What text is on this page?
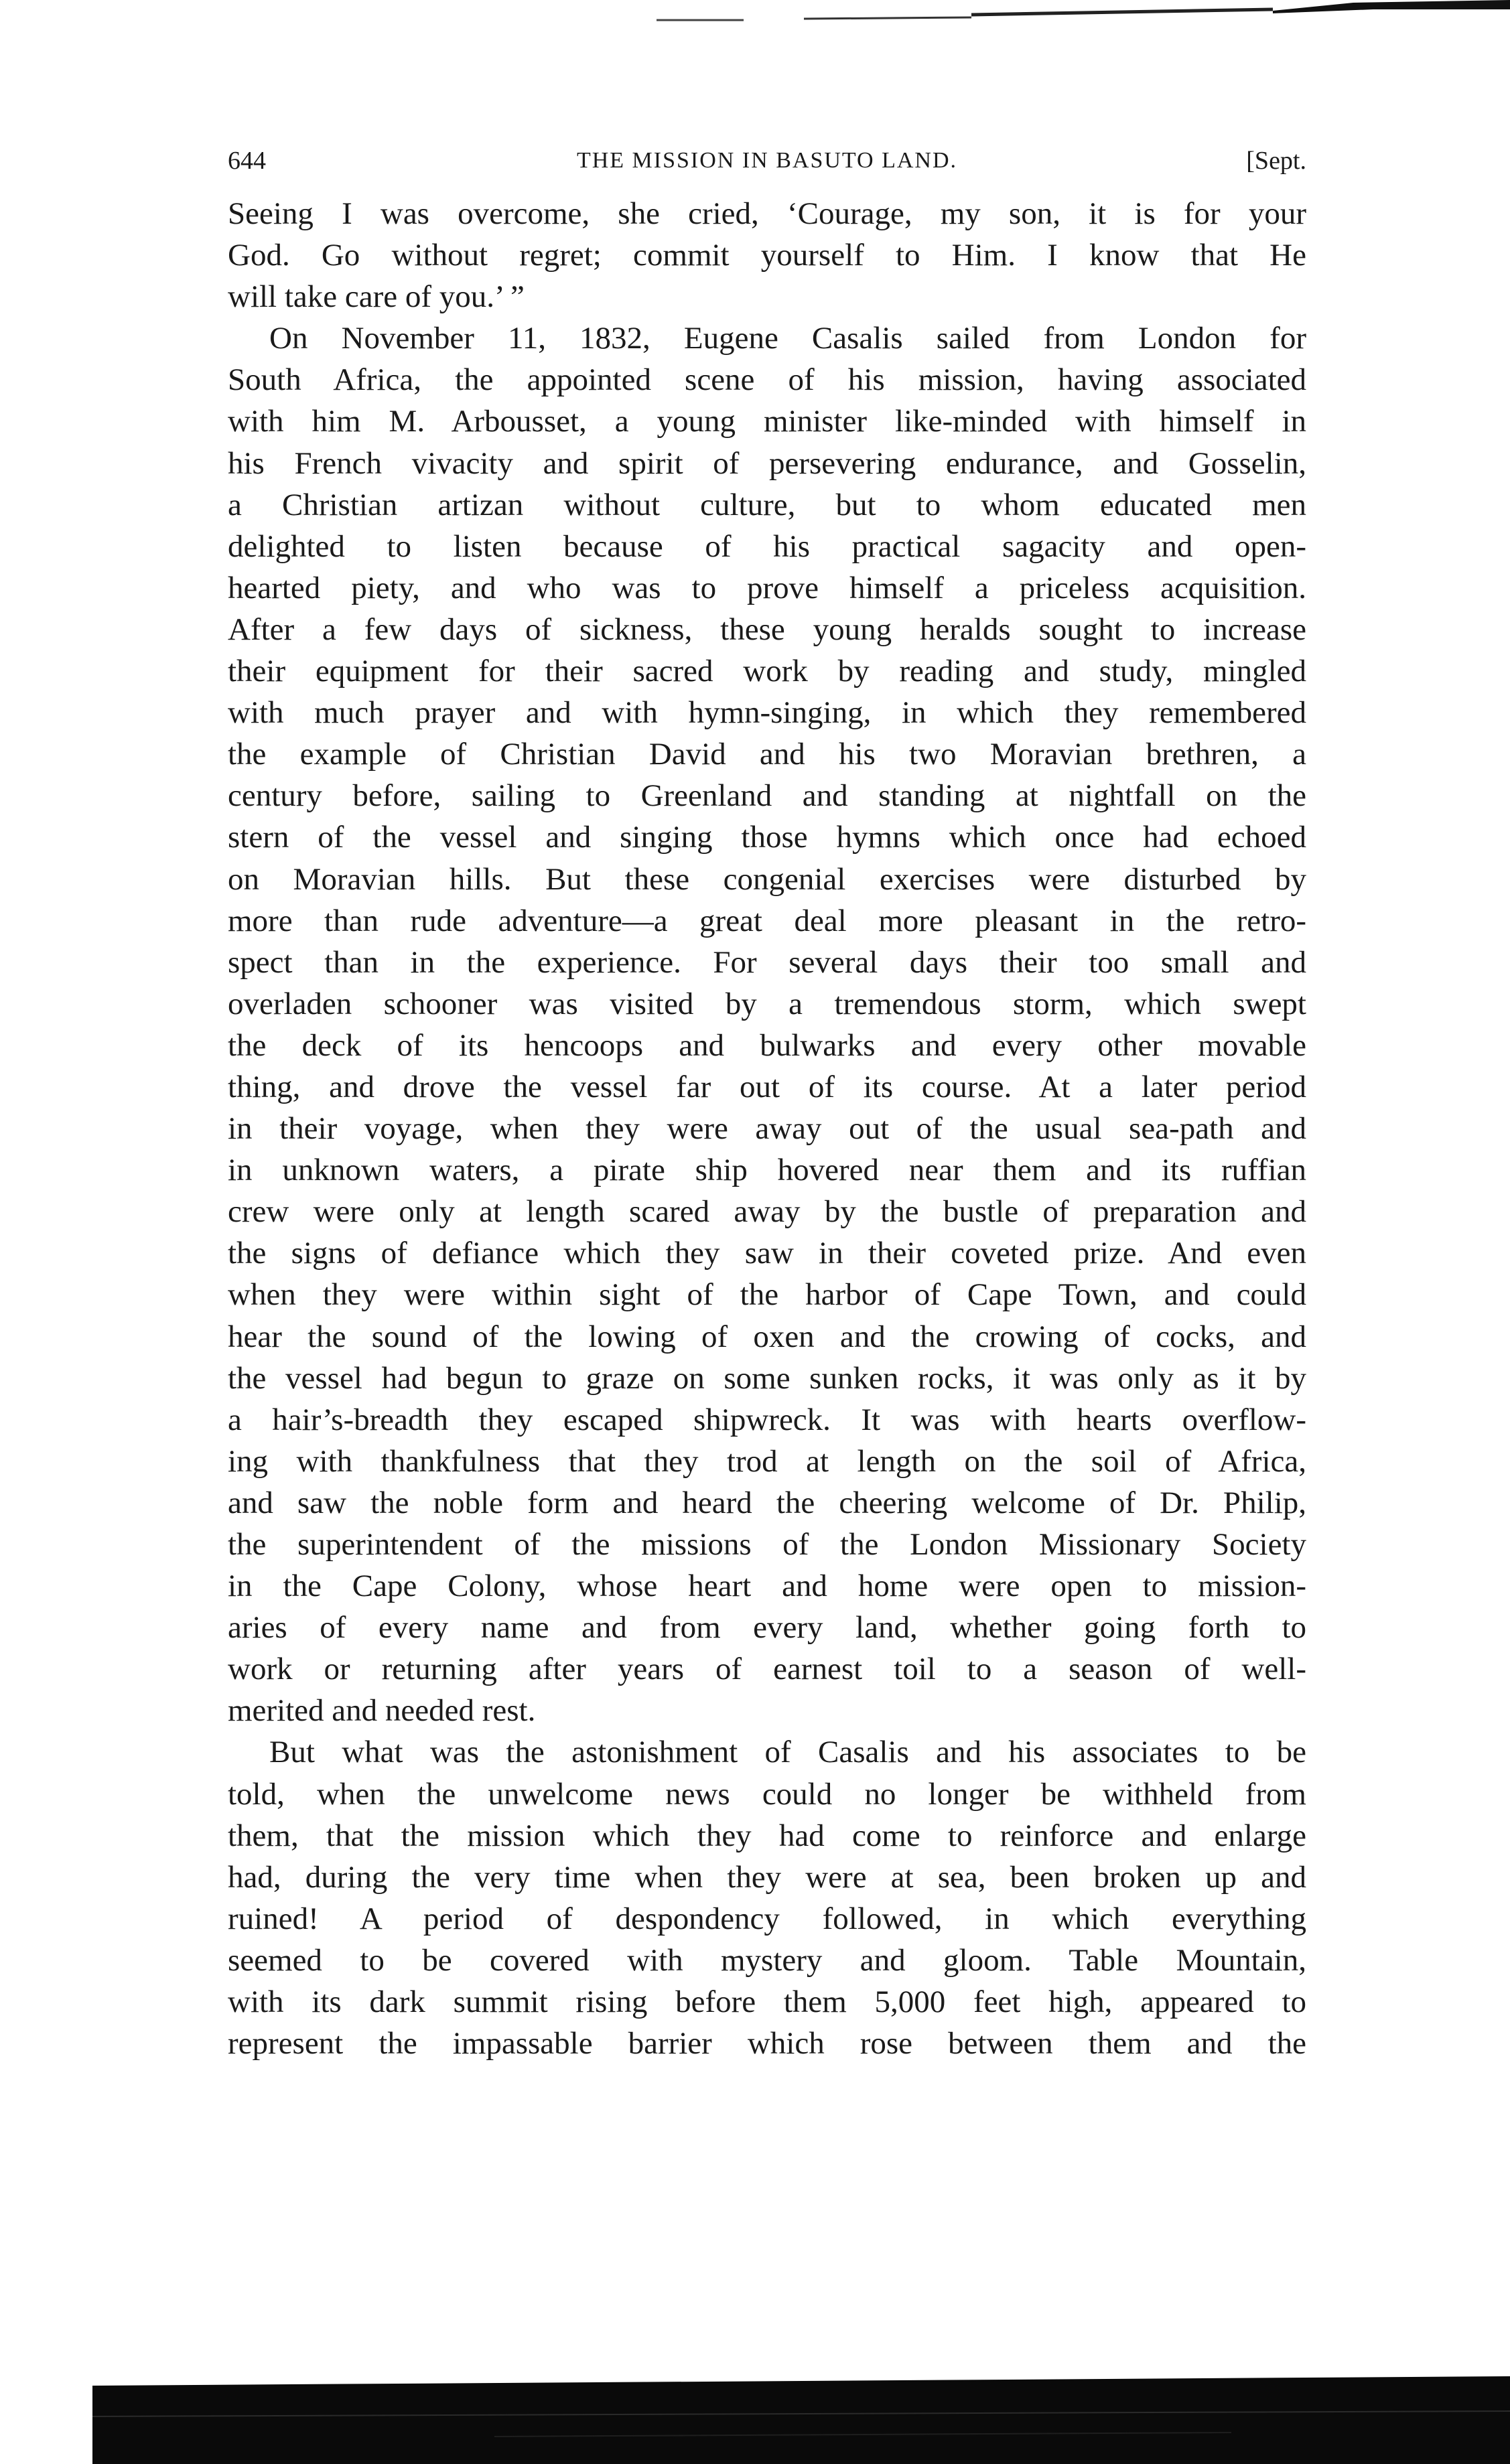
644	THE MISSION IN BASUTO LAND.	[Sept.
Seeing I was overcome, she cried, ‘Courage, my son, it is for your
God. Go without regret; commit yourself to Him. I know that He
will take care of you.’ ”
On November 11, 1832, Eugene Casalis sailed from London for
South Africa, the appointed scene of his mission, having associated
with him M. Arbousset, a young minister like-minded with himself in
his French vivacity and spirit of persevering endurance, and Gosselin,
a Christian artizan without culture, but to whom educated men
delighted to listen because of his practical sagacity and open-
hearted piety, and who was to prove himself a priceless acquisition.
After a few days of sickness, these young heralds sought to increase
their equipment for their sacred work by reading and study, mingled
with much prayer and with hymn-singing, in which they remembered
the example of Christian David and his two Moravian brethren, a
century before, sailing to Greenland and standing at nightfall on the
stern of the vessel and singing those hymns which once had echoed
on Moravian hills. But these congenial exercises were disturbed by
more than rude adventure—a great deal more pleasant in the retro-
spect than in the experience. For several days their too small and
overladen schooner was visited by a tremendous storm, which swept
the deck of its hencoops and bulwarks and every other movable
thing, and drove the vessel far out of its course. At a later period
in their voyage, when they were away out of the usual sea-path and
in unknown waters, a pirate ship hovered near them and its ruffian
crew were only at length scared away by the bustle of preparation and
the signs of defiance which they saw in their coveted prize. And even
when they were within sight of the harbor of Cape Town, and could
hear the sound of the lowing of oxen and the crowing of cocks, and
the vessel had begun to graze on some sunken rocks, it was only as it by
a hair’s-breadth they escaped shipwreck. It was with hearts overflow-
ing with thankfulness that they trod at length on the soil of Africa,
and saw the noble form and heard the cheering welcome of Dr. Philip,
the superintendent of the missions of the London Missionary Society
in the Cape Colony, whose heart and home were open to mission-
aries of every name and from every land, whether going forth to
work or returning after years of earnest toil to a season of well-
merited and needed rest.
But what was the astonishment of Casalis and his associates to be
told, when the unwelcome news could no longer be withheld from
them, that the mission which they had come to reinforce and enlarge
had, during the very time when they were at sea, been broken up and
ruined! A period of despondency followed, in which everything
seemed to be covered with mystery and gloom. Table Mountain,
with its dark summit rising before them 5,000 feet high, appeared to
represent the impassable barrier which rose between them and the
